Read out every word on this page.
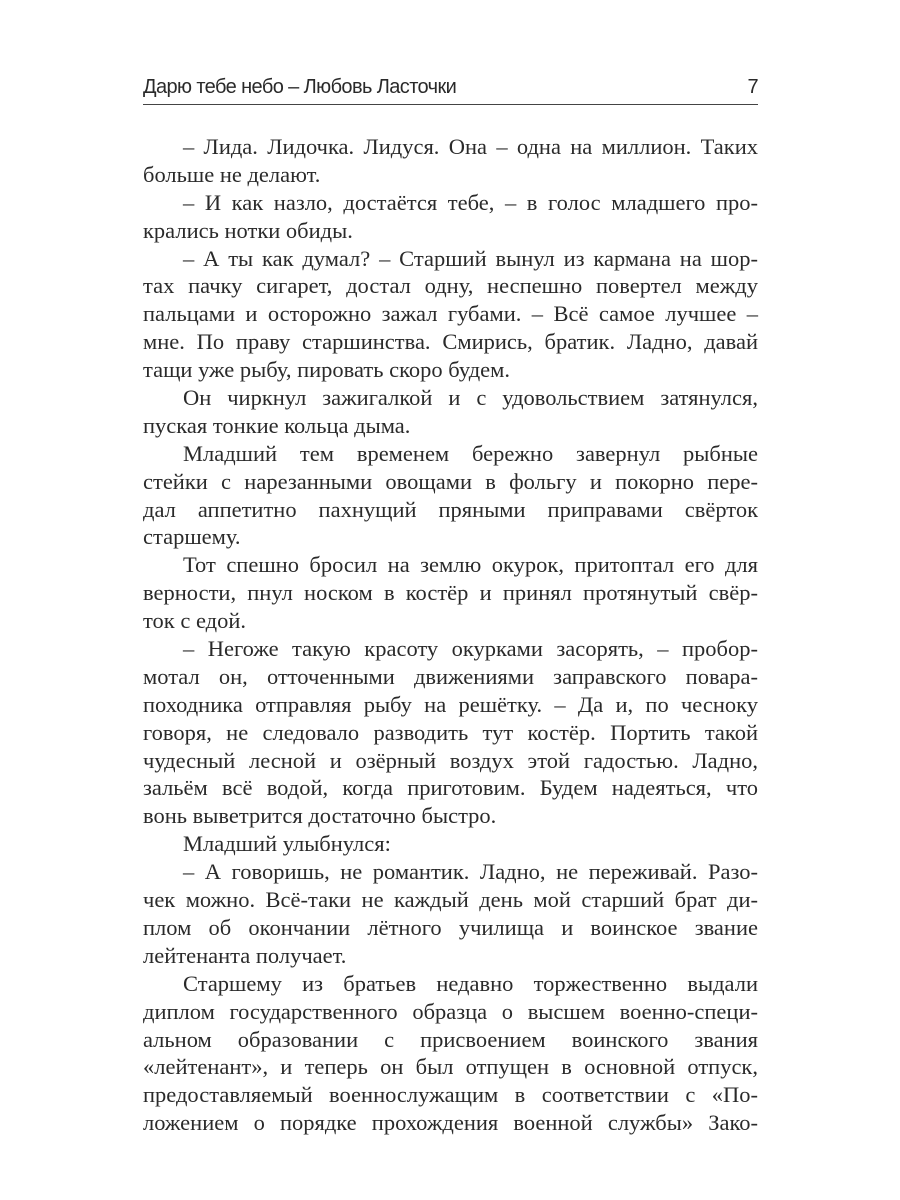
Дарю тебе небо – Любовь Ласточки	7
– Лида. Лидочка. Лидуся. Она – одна на миллион. Таких
больше не делают.
– И как назло, достаётся тебе, – в голос младшего про-
крались нотки обиды.
– А ты как думал? – Старший вынул из кармана на шор-
тах пачку сигарет, достал одну, неспешно повертел между
пальцами и осторожно зажал губами. – Всё самое лучшее –
мне. По праву старшинства. Смирись, братик. Ладно, давай
тащи уже рыбу, пировать скоро будем.
Он чиркнул зажигалкой и с удовольствием затянулся,
пуская тонкие кольца дыма.
Младший тем временем бережно завернул рыбные
стейки с нарезанными овощами в фольгу и покорно пере-
дал аппетитно пахнущий пряными приправами свёрток
старшему.
Тот спешно бросил на землю окурок, притоптал его для
верности, пнул носком в костёр и принял протянутый свёр-
ток с едой.
– Негоже такую красоту окурками засорять, – пробор-
мотал он, отточенными движениями заправского повара-
походника отправляя рыбу на решётку. – Да и, по чесноку
говоря, не следовало разводить тут костёр. Портить такой
чудесный лесной и озёрный воздух этой гадостью. Ладно,
зальём всё водой, когда приготовим. Будем надеяться, что
вонь выветрится достаточно быстро.
Младший улыбнулся:
– А говоришь, не романтик. Ладно, не переживай. Разо-
чек можно. Всё-таки не каждый день мой старший брат ди-
плом об окончании лётного училища и воинское звание
лейтенанта получает.
Старшему из братьев недавно торжественно выдали
диплом государственного образца о высшем военно-специ-
альном образовании с присвоением воинского звания
«лейтенант», и теперь он был отпущен в основной отпуск,
предоставляемый военнослужащим в соответствии с «По-
ложением о порядке прохождения военной службы» Зако-
